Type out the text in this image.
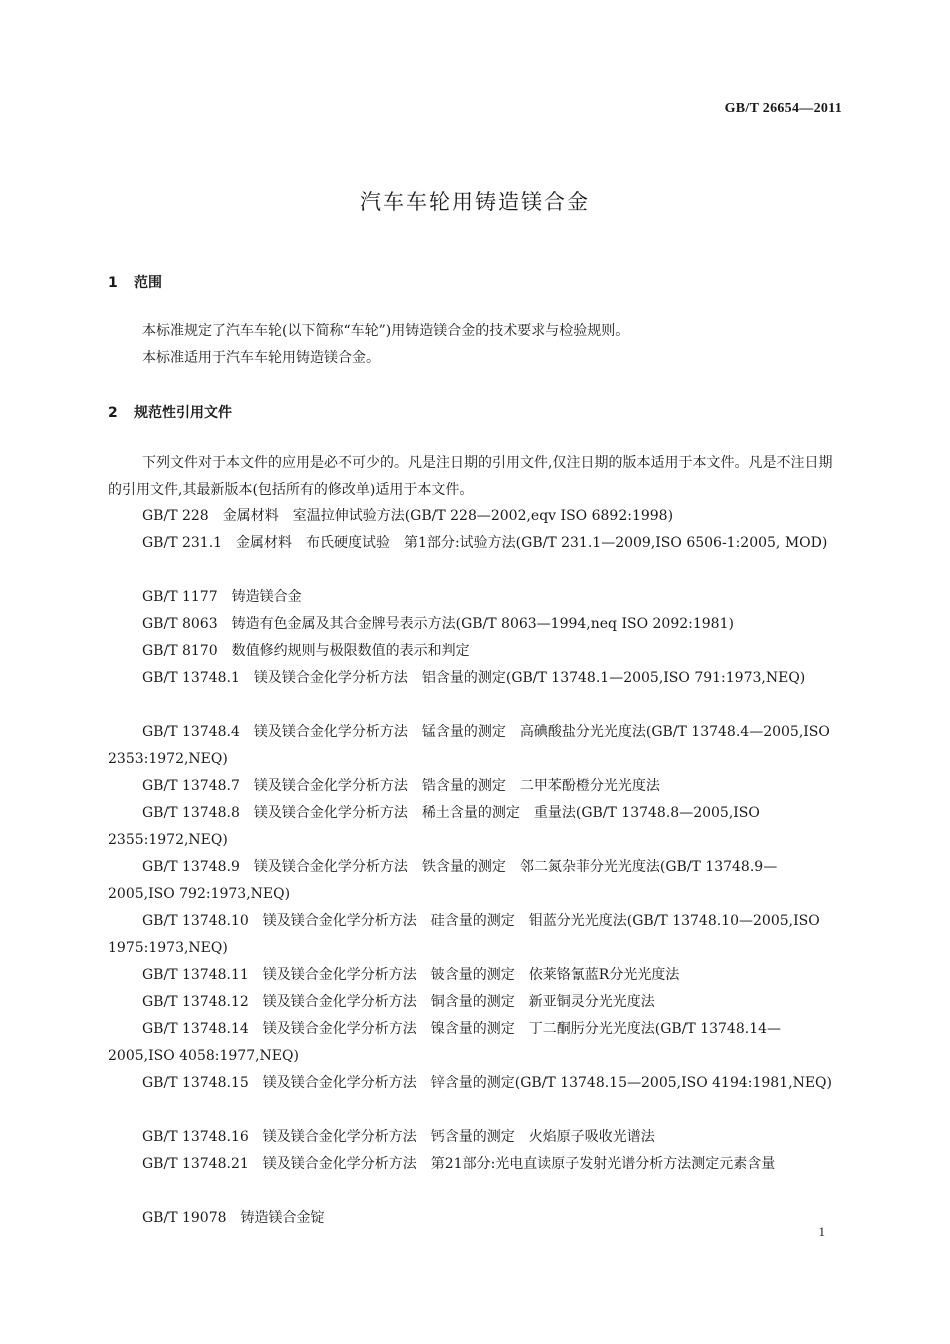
GB/T 26654—2011
汽车车轮用铸造镁合金
1 范围
本标准规定了汽车车轮(以下简称“车轮”)用铸造镁合金的技术要求与检验规则。
本标准适用于汽车车轮用铸造镁合金。
2 规范性引用文件
下列文件对于本文件的应用是必不可少的。凡是注日期的引用文件,仅注日期的版本适用于本文件。凡是不注日期的引用文件,其最新版本(包括所有的修改单)适用于本文件。
GB/T 228　金属材料　室温拉伸试验方法(GB/T 228—2002,eqv ISO 6892:1998)
GB/T 231.1　金属材料　布氏硬度试验　第1部分:试验方法(GB/T 231.1—2009,ISO 6506-1:2005, MOD)
GB/T 1177　铸造镁合金
GB/T 8063　铸造有色金属及其合金牌号表示方法(GB/T 8063—1994,neq ISO 2092:1981)
GB/T 8170　数值修约规则与极限数值的表示和判定
GB/T 13748.1　镁及镁合金化学分析方法　铝含量的测定(GB/T 13748.1—2005,ISO 791:1973,NEQ)
GB/T 13748.4　镁及镁合金化学分析方法　锰含量的测定　高碘酸盐分光光度法(GB/T 13748.4—2005,ISO 2353:1972,NEQ)
GB/T 13748.7　镁及镁合金化学分析方法　锆含量的测定　二甲苯酚橙分光光度法
GB/T 13748.8　镁及镁合金化学分析方法　稀土含量的测定　重量法(GB/T 13748.8—2005,ISO 2355:1972,NEQ)
GB/T 13748.9　镁及镁合金化学分析方法　铁含量的测定　邻二氮杂菲分光光度法(GB/T 13748.9—2005,ISO 792:1973,NEQ)
GB/T 13748.10　镁及镁合金化学分析方法　硅含量的测定　钼蓝分光光度法(GB/T 13748.10—2005,ISO 1975:1973,NEQ)
GB/T 13748.11　镁及镁合金化学分析方法　铍含量的测定　依莱铬氰蓝R分光光度法
GB/T 13748.12　镁及镁合金化学分析方法　铜含量的测定　新亚铜灵分光光度法
GB/T 13748.14　镁及镁合金化学分析方法　镍含量的测定　丁二酮肟分光光度法(GB/T 13748.14—2005,ISO 4058:1977,NEQ)
GB/T 13748.15　镁及镁合金化学分析方法　锌含量的测定(GB/T 13748.15—2005,ISO 4194:1981,NEQ)
GB/T 13748.16　镁及镁合金化学分析方法　钙含量的测定　火焰原子吸收光谱法
GB/T 13748.21　镁及镁合金化学分析方法　第21部分:光电直读原子发射光谱分析方法测定元素含量
GB/T 19078　铸造镁合金锭
1
